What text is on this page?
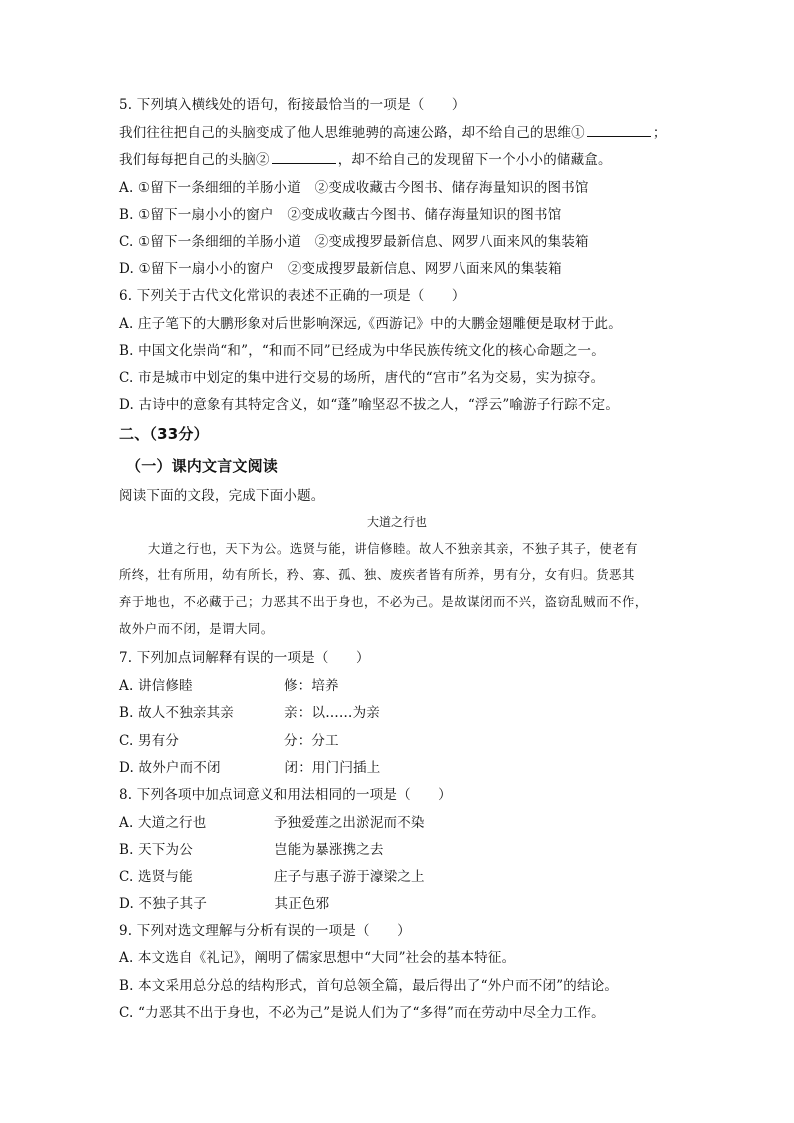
5. 下列填入横线处的语句，衔接最恰当的一项是（　　）
我们往往把自己的头脑变成了他人思维驰骋的高速公路，却不给自己的思维①	；
我们每每把自己的头脑②	，却不给自己的发现留下一个小小的储藏盒。
A. ①留下一条细细的羊肠小道　②变成收藏古今图书、储存海量知识的图书馆
B. ①留下一扇小小的窗户　②变成收藏古今图书、储存海量知识的图书馆
C. ①留下一条细细的羊肠小道　②变成搜罗最新信息、网罗八面来风的集装箱
D. ①留下一扇小小的窗户　②变成搜罗最新信息、网罗八面来风的集装箱
6. 下列关于古代文化常识的表述不正确的一项是（　　）
A. 庄子笔下的大鹏形象对后世影响深远,《西游记》中的大鹏金翅雕便是取材于此。
B. 中国文化崇尚“和”，“和而不同”已经成为中华民族传统文化的核心命题之一。
C. 市是城市中划定的集中进行交易的场所，唐代的“宫市”名为交易，实为掠夺。
D. 古诗中的意象有其特定含义，如“蓬”喻坚忍不拔之人，“浮云”喻游子行踪不定。
二、（33分）
（一）课内文言文阅读
阅读下面的文段，完成下面小题。
大道之行也
大道之行也，天下为公。选贤与能，讲信修睦。故人不独亲其亲，不独子其子，使老有
所终，壮有所用，幼有所长，矜、寡、孤、独、废疾者皆有所养，男有分，女有归。货恶其
弃于地也，不必藏于己；力恶其不出于身也，不必为己。是故谋闭而不兴，盗窃乱贼而不作，
故外户而不闭，是谓大同。
7. 下列加点词解释有误的一项是（　　）
A. 讲信修睦	修：培养
B. 故人不独亲其亲	亲：以……为亲
C. 男有分	分：分工
D. 故外户而不闭	闭：用门闩插上
8. 下列各项中加点词意义和用法相同的一项是（　　）
A. 大道之行也	予独爱莲之出淤泥而不染
B. 天下为公	岂能为暴涨携之去
C. 选贤与能	庄子与惠子游于濠梁之上
D. 不独子其子	其正色邪
9. 下列对选文理解与分析有误的一项是（　　）
A. 本文选自《礼记》，阐明了儒家思想中“大同”社会的基本特征。
B. 本文采用总分总的结构形式，首句总领全篇，最后得出了“外户而不闭”的结论。
C. “力恶其不出于身也，不必为己”是说人们为了“多得”而在劳动中尽全力工作。
